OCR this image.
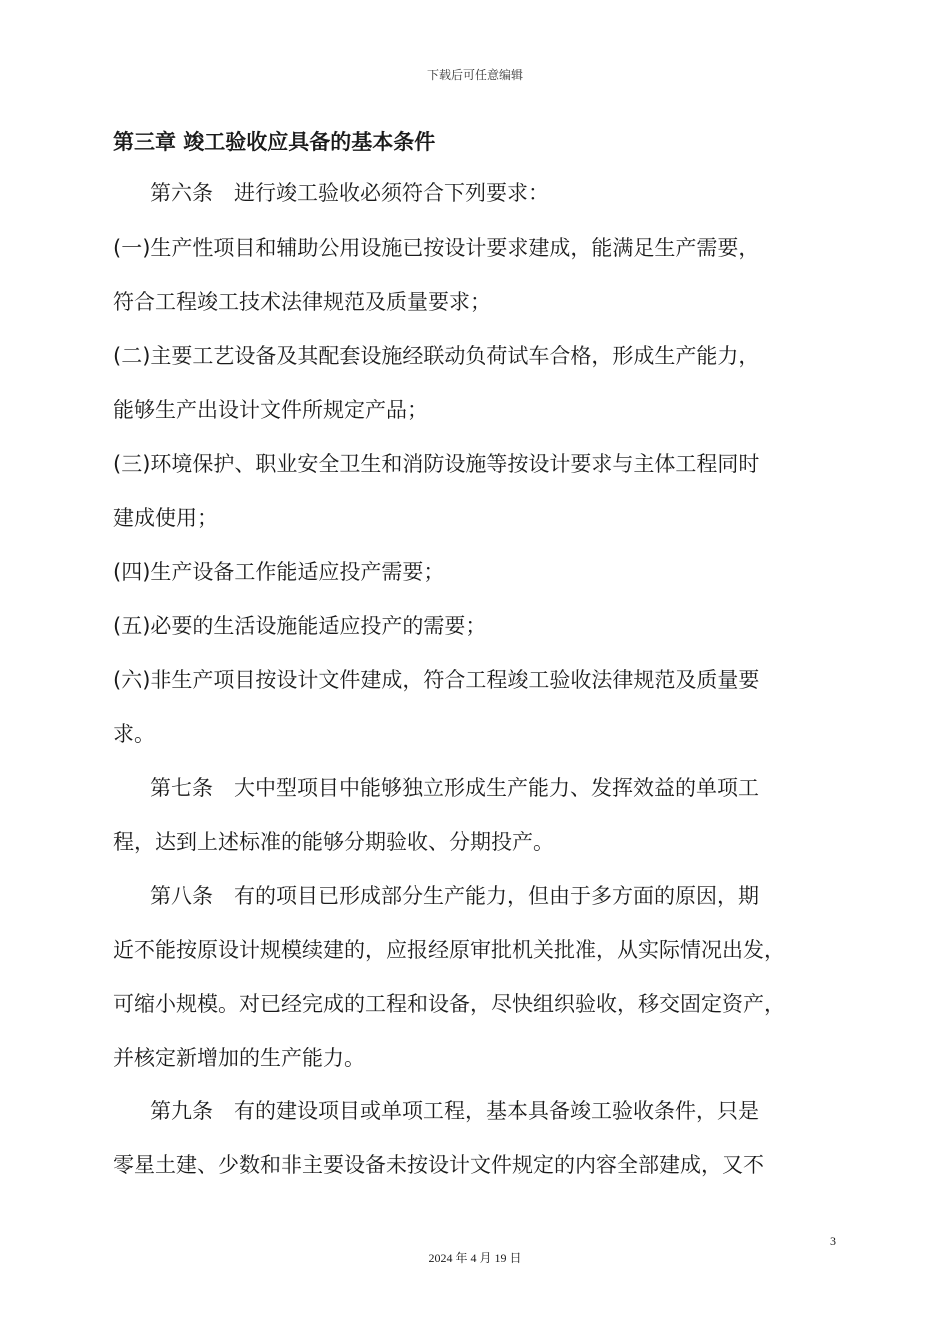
下载后可任意编辑
第三章 竣工验收应具备的基本条件
第六条　进行竣工验收必须符合下列要求：
(一)生产性项目和辅助公用设施已按设计要求建成，能满足生产需要，
符合工程竣工技术法律规范及质量要求；
(二)主要工艺设备及其配套设施经联动负荷试车合格，形成生产能力，
能够生产出设计文件所规定产品；
(三)环境保护、职业安全卫生和消防设施等按设计要求与主体工程同时
建成使用；
(四)生产设备工作能适应投产需要；
(五)必要的生活设施能适应投产的需要；
(六)非生产项目按设计文件建成，符合工程竣工验收法律规范及质量要
求。
第七条　大中型项目中能够独立形成生产能力、发挥效益的单项工
程，达到上述标准的能够分期验收、分期投产。
第八条　有的项目已形成部分生产能力，但由于多方面的原因，期
近不能按原设计规模续建的，应报经原审批机关批准，从实际情况出发，
可缩小规模。对已经完成的工程和设备，尽快组织验收，移交固定资产，
并核定新增加的生产能力。
第九条　有的建设项目或单项工程，基本具备竣工验收条件，只是
零星土建、少数和非主要设备未按设计文件规定的内容全部建成，又不
3
2024 年 4 月 19 日
